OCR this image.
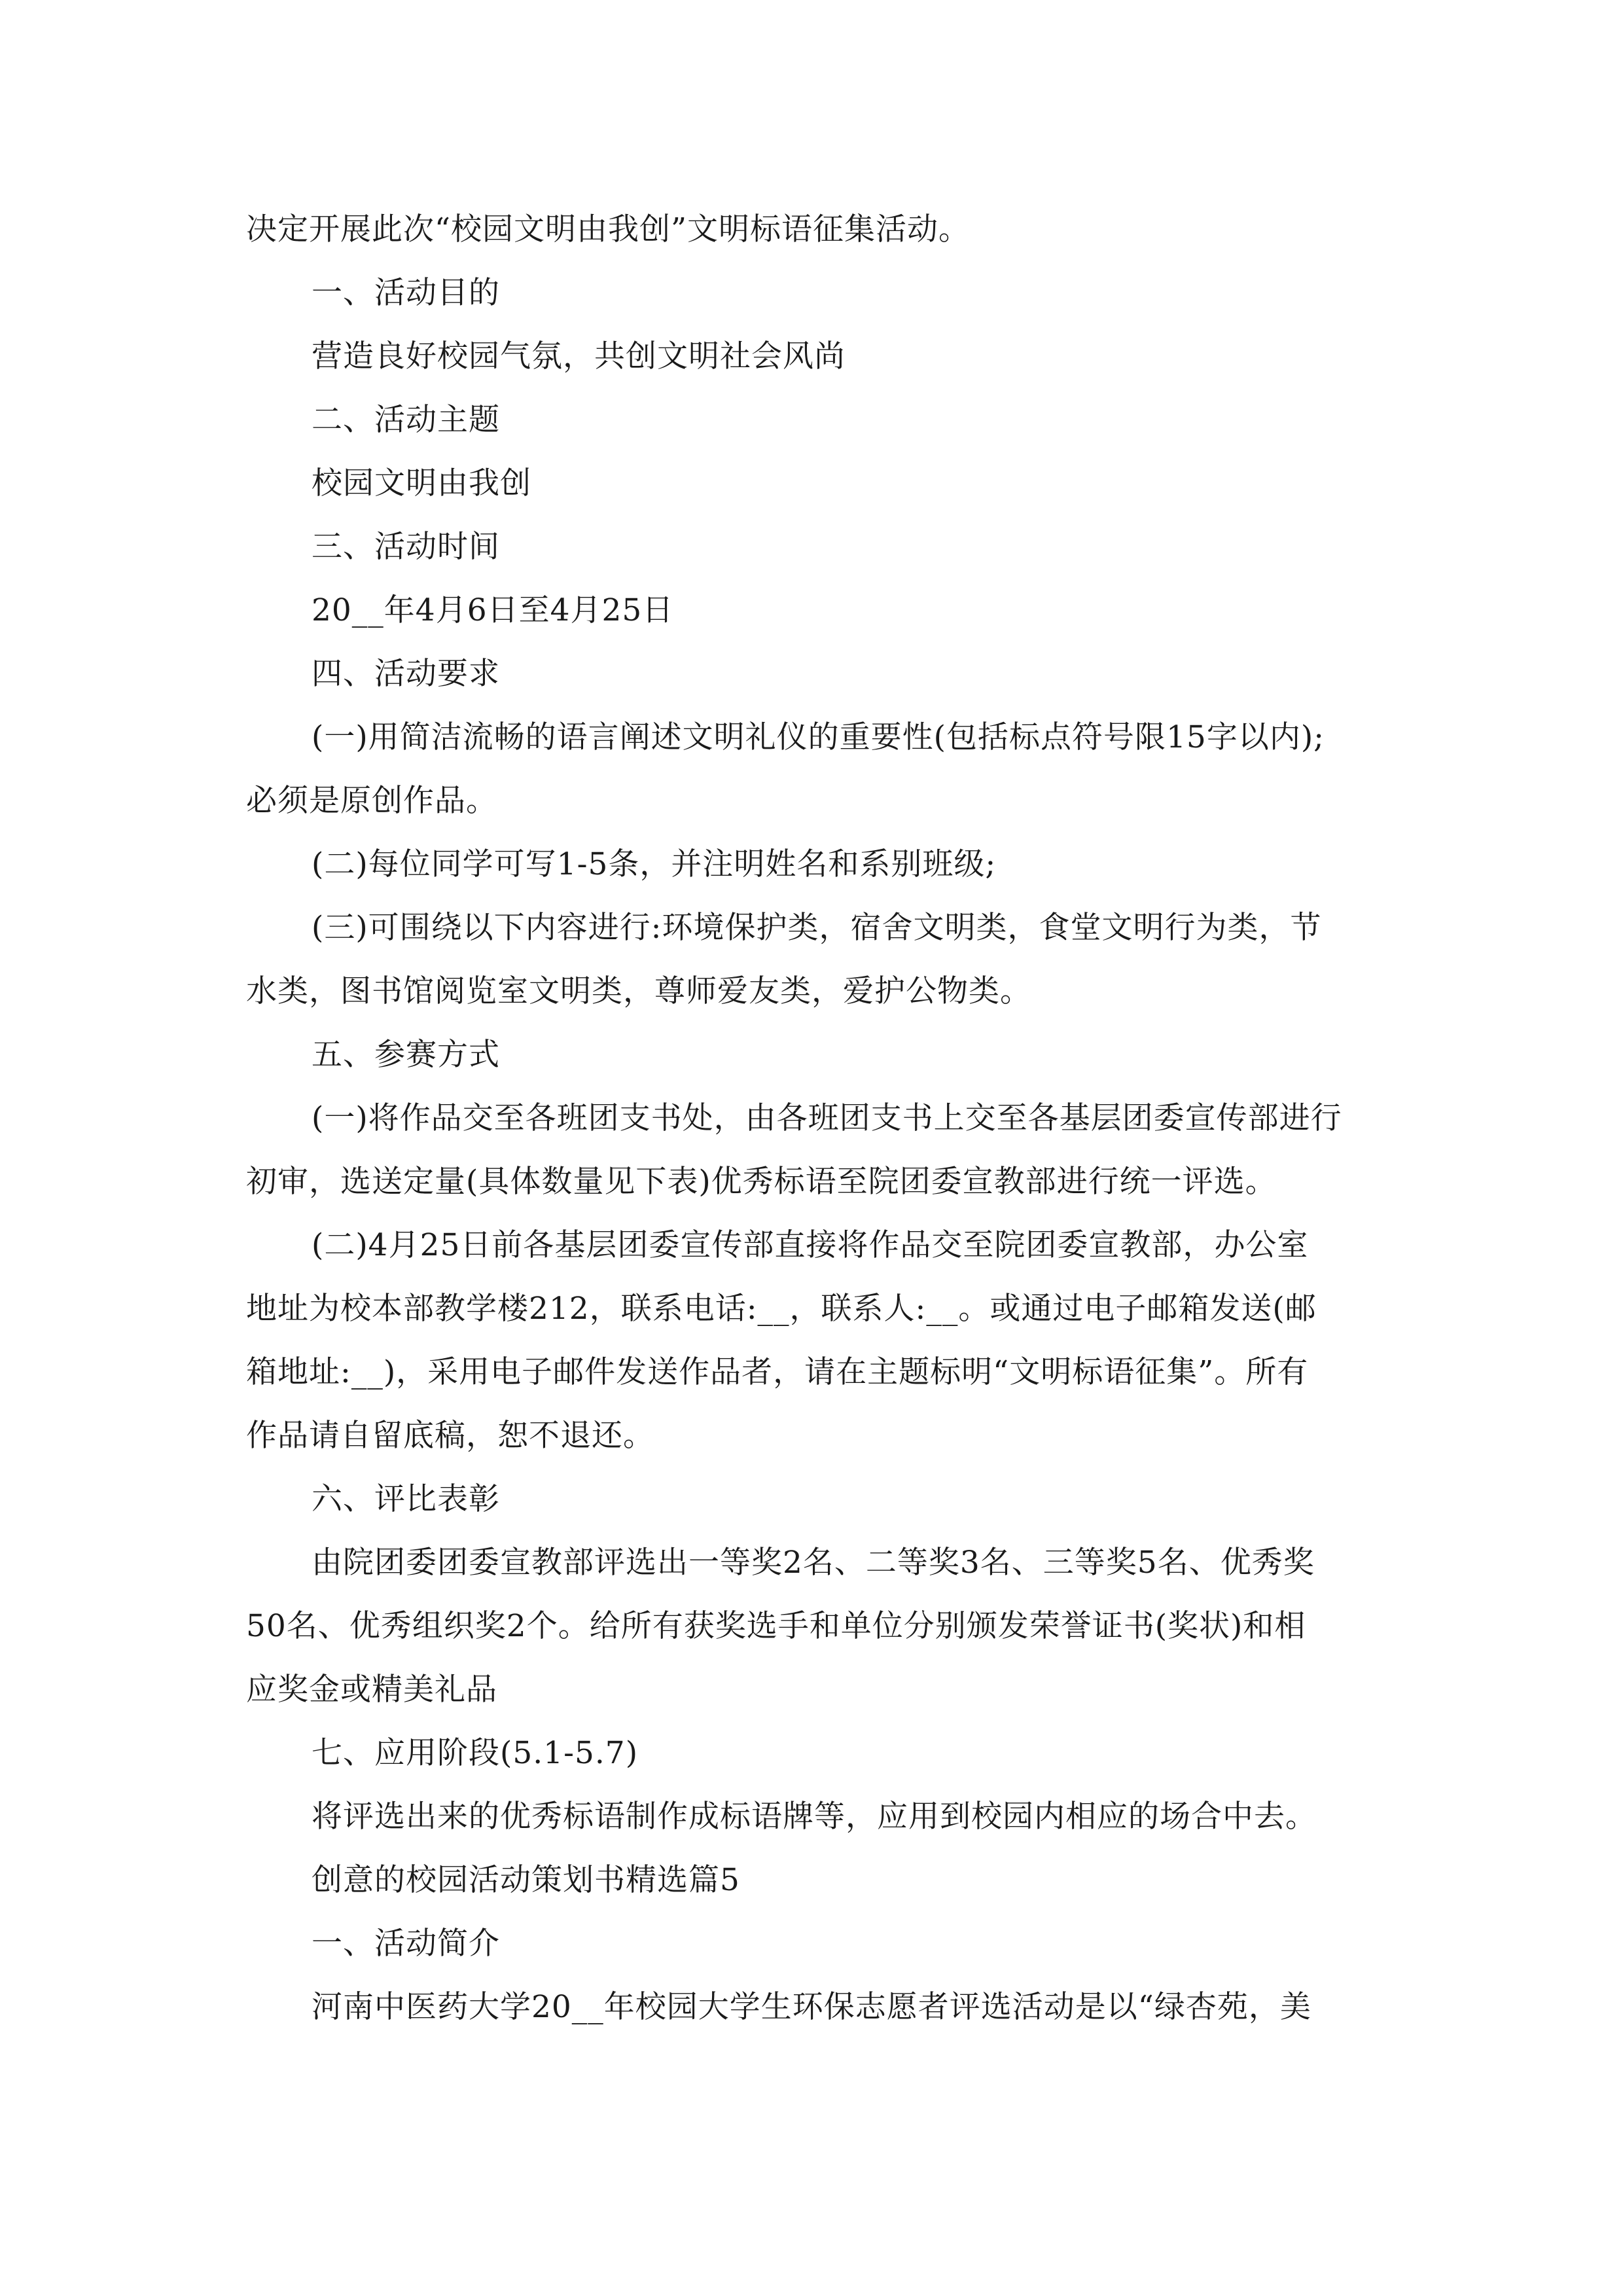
决定开展此次“校园文明由我创”文明标语征集活动。
一、活动目的
营造良好校园气氛，共创文明社会风尚
二、活动主题
校园文明由我创
三、活动时间
20__年4月6日至4月25日
四、活动要求
(一)用简洁流畅的语言阐述文明礼仪的重要性(包括标点符号限15字以内);
必须是原创作品。
(二)每位同学可写1-5条，并注明姓名和系别班级;
(三)可围绕以下内容进行:环境保护类，宿舍文明类，食堂文明行为类，节
水类，图书馆阅览室文明类，尊师爱友类，爱护公物类。
五、参赛方式
(一)将作品交至各班团支书处，由各班团支书上交至各基层团委宣传部进行
初审，选送定量(具体数量见下表)优秀标语至院团委宣教部进行统一评选。
(二)4月25日前各基层团委宣传部直接将作品交至院团委宣教部，办公室
地址为校本部教学楼212，联系电话:__，联系人:__。或通过电子邮箱发送(邮
箱地址:__)，采用电子邮件发送作品者，请在主题标明“文明标语征集”。所有
作品请自留底稿，恕不退还。
六、评比表彰
由院团委团委宣教部评选出一等奖2名、二等奖3名、三等奖5名、优秀奖
50名、优秀组织奖2个。给所有获奖选手和单位分别颁发荣誉证书(奖状)和相
应奖金或精美礼品
七、应用阶段(5.1-5.7)
将评选出来的优秀标语制作成标语牌等，应用到校园内相应的场合中去。
创意的校园活动策划书精选篇5
一、活动简介
河南中医药大学20__年校园大学生环保志愿者评选活动是以“绿杏苑，美
